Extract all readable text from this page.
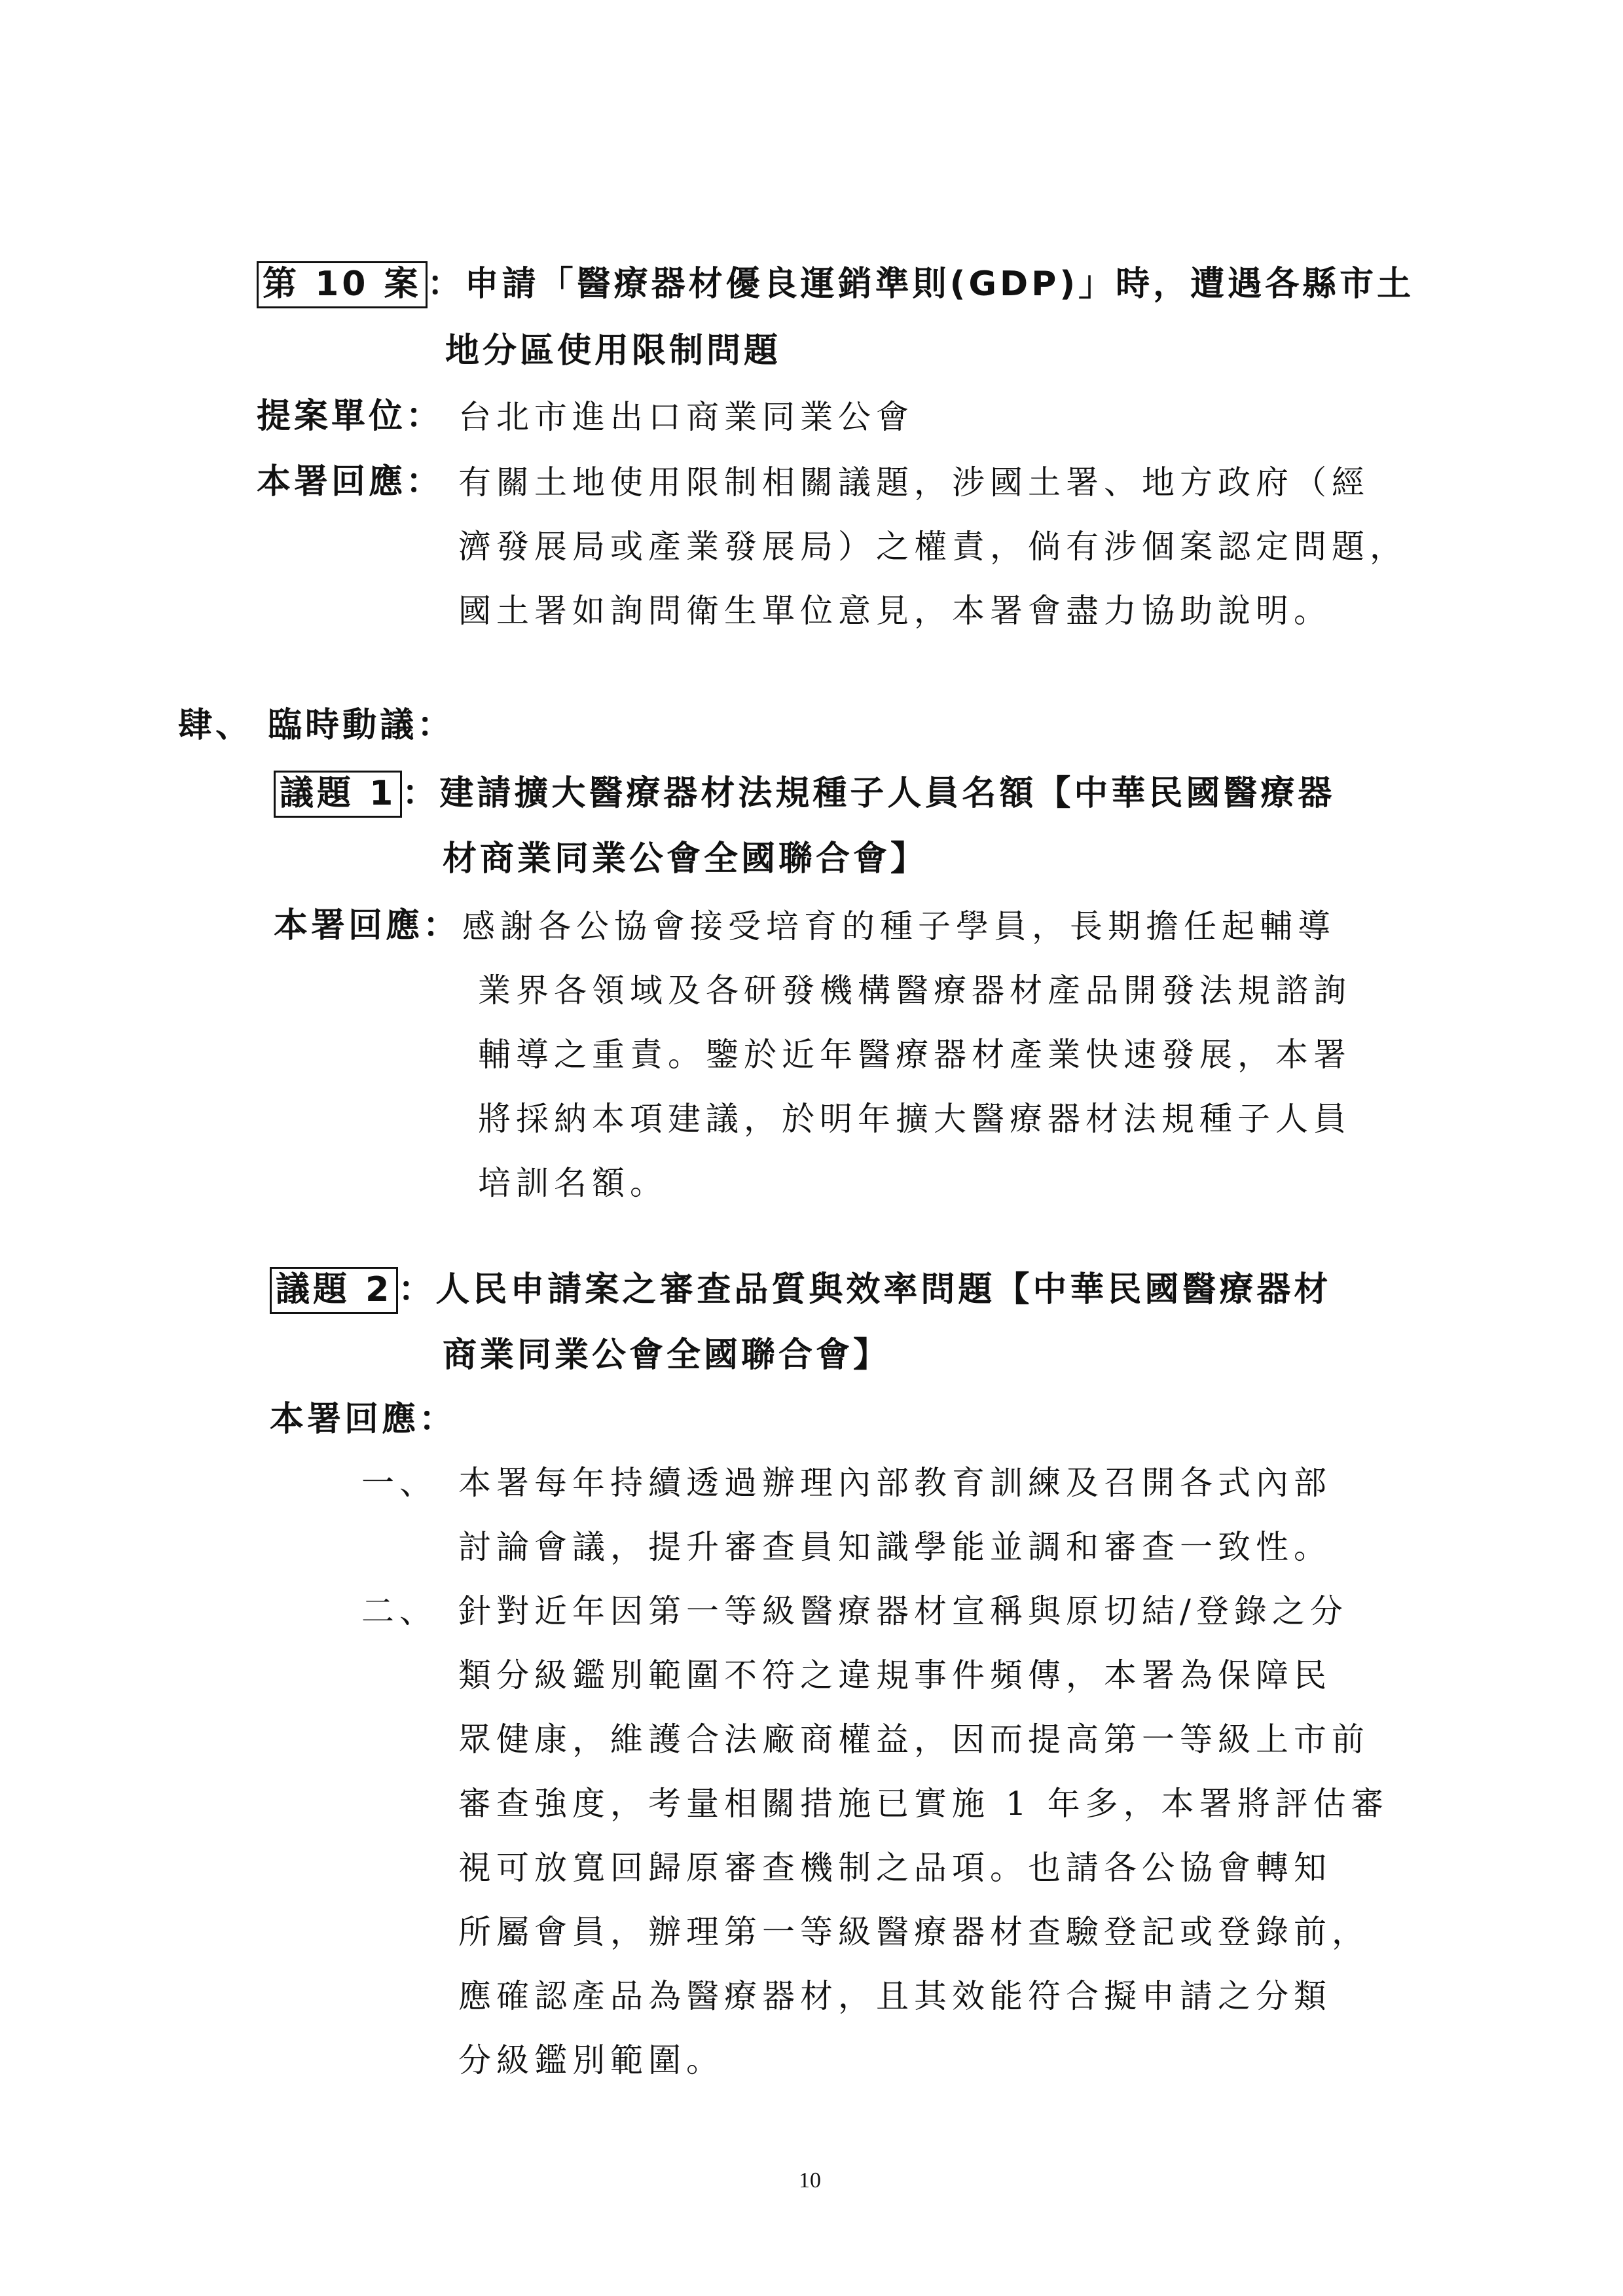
第 10 案 ：申請「醫療器材優良運銷準則(GDP)」時，遭遇各縣市土
地分區使用限制問題
提案單位： 台北市進出口商業同業公會
本署回應： 有關土地使用限制相關議題，涉國土署、地方政府（經
濟發展局或產業發展局）之權責，倘有涉個案認定問題，
國土署如詢問衛生單位意見，本署會盡力協助說明。
肆、 臨時動議：
議題 1 ：建請擴大醫療器材法規種子人員名額【中華民國醫療器
材商業同業公會全國聯合會】
本署回應： 感謝各公協會接受培育的種子學員，長期擔任起輔導
業界各領域及各研發機構醫療器材產品開發法規諮詢
輔導之重責。鑒於近年醫療器材產業快速發展，本署
將採納本項建議，於明年擴大醫療器材法規種子人員
培訓名額。
議題 2 ：人民申請案之審查品質與效率問題【中華民國醫療器材
商業同業公會全國聯合會】
本署回應：
一、 本署每年持續透過辦理內部教育訓練及召開各式內部
討論會議，提升審查員知識學能並調和審查一致性。
二、 針對近年因第一等級醫療器材宣稱與原切結/登錄之分
類分級鑑別範圍不符之違規事件頻傳，本署為保障民
眾健康，維護合法廠商權益，因而提高第一等級上市前
審查強度，考量相關措施已實施 1 年多，本署將評估審
視可放寬回歸原審查機制之品項。也請各公協會轉知
所屬會員，辦理第一等級醫療器材查驗登記或登錄前，
應確認產品為醫療器材，且其效能符合擬申請之分類
分級鑑別範圍。
10
